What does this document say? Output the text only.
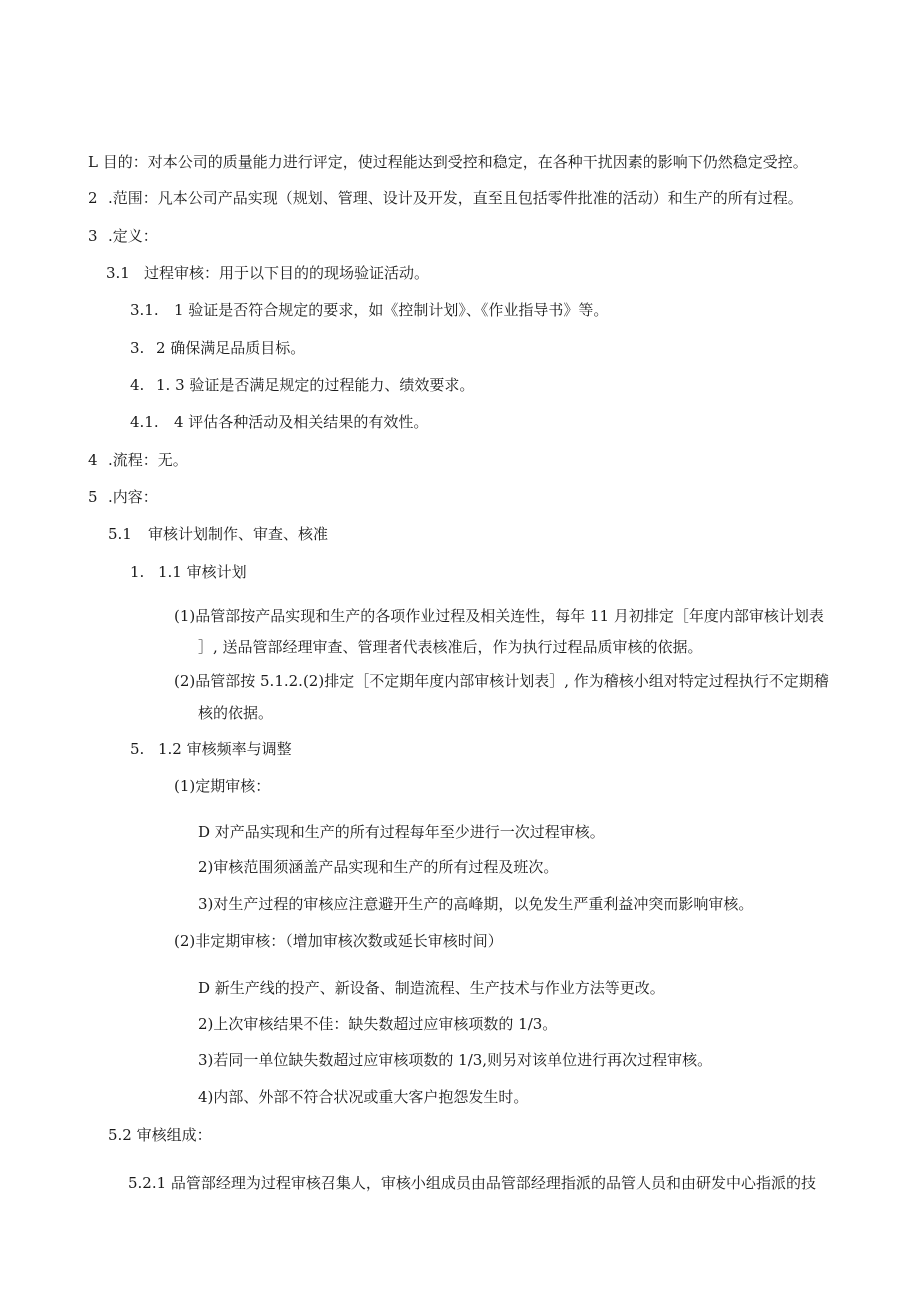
L 目的：对本公司的质量能力进行评定，使过程能达到受控和稳定，在各种干扰因素的影响下仍然稳定受控。
2 .范围：凡本公司产品实现（规划、管理、设计及开发，直至且包括零件批准的活动）和生产的所有过程。
3 .定义：
3.1 过程审核：用于以下目的的现场验证活动。
3.1. 1 验证是否符合规定的要求，如《控制计划》、《作业指导书》等。
3. 2 确保满足品质目标。
4. 1. 3 验证是否满足规定的过程能力、绩效要求。
4.1. 4 评估各种活动及相关结果的有效性。
4 .流程：无。
5 .内容：
5.1 审核计划制作、审查、核准
1. 1.1 审核计划
(1)品管部按产品实现和生产的各项作业过程及相关连性，每年 11 月初排定［年度内部审核计划表
］, 送品管部经理审查、管理者代表核准后，作为执行过程品质审核的依据。
(2)品管部按 5.1.2.(2)排定［不定期年度内部审核计划表］, 作为稽核小组对特定过程执行不定期稽
核的依据。
5. 1.2 审核频率与调整
(1)定期审核：
D 对产品实现和生产的所有过程每年至少进行一次过程审核。
2)审核范围须涵盖产品实现和生产的所有过程及班次。
3)对生产过程的审核应注意避开生产的高峰期，以免发生严重利益冲突而影响审核。
(2)非定期审核：（增加审核次数或延长审核时间）
D 新生产线的投产、新设备、制造流程、生产技术与作业方法等更改。
2)上次审核结果不佳：缺失数超过应审核项数的 1/3。
3)若同一单位缺失数超过应审核项数的 1/3,则另对该单位进行再次过程审核。
4)内部、外部不符合状况或重大客户抱怨发生时。
5.2 审核组成：
5.2.1 品管部经理为过程审核召集人，审核小组成员由品管部经理指派的品管人员和由研发中心指派的技
